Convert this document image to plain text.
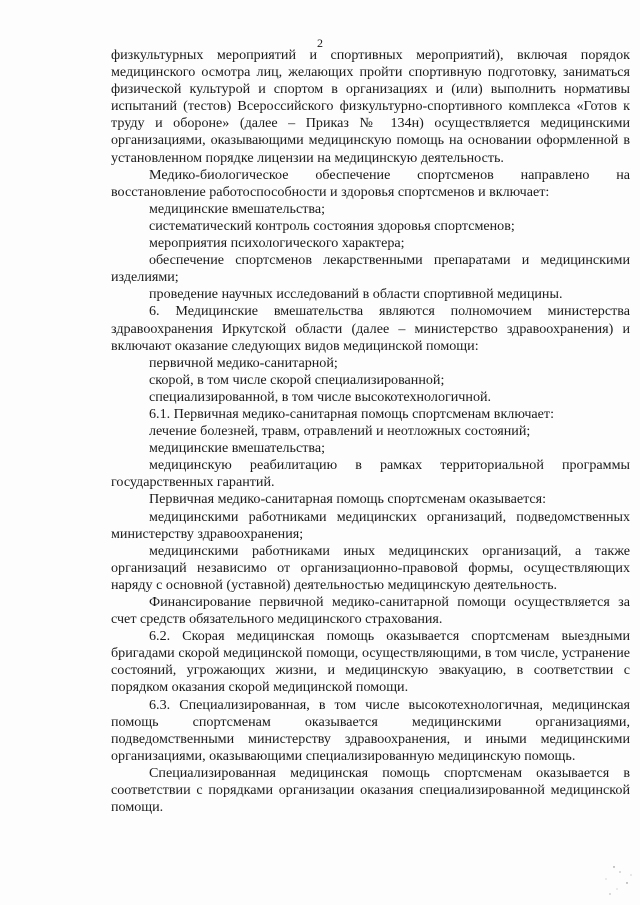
2

физкультурных мероприятий и спортивных мероприятий), включая порядок медицинского осмотра лиц, желающих пройти спортивную подготовку, заниматься физической культурой и спортом в организациях и (или) выполнить нормативы испытаний (тестов) Всероссийского физкультурно-спортивного комплекса «Готов к труду и обороне» (далее – Приказ № 134н) осуществляется медицинскими организациями, оказывающими медицинскую помощь на основании оформленной в установленном порядке лицензии на медицинскую деятельность.

Медико-биологическое обеспечение спортсменов направлено на восстановление работоспособности и здоровья спортсменов и включает:

медицинские вмешательства;

систематический контроль состояния здоровья спортсменов;

мероприятия психологического характера;

обеспечение спортсменов лекарственными препаратами и медицинскими изделиями;

проведение научных исследований в области спортивной медицины.

6. Медицинские вмешательства являются полномочием министерства здравоохранения Иркутской области (далее – министерство здравоохранения) и включают оказание следующих видов медицинской помощи:

первичной медико-санитарной;

скорой, в том числе скорой специализированной;

специализированной, в том числе высокотехнологичной.

6.1. Первичная медико-санитарная помощь спортсменам включает:

лечение болезней, травм, отравлений и неотложных состояний;

медицинские вмешательства;

медицинскую реабилитацию в рамках территориальной программы государственных гарантий.

Первичная медико-санитарная помощь спортсменам оказывается:

медицинскими работниками медицинских организаций, подведомственных министерству здравоохранения;

медицинскими работниками иных медицинских организаций, а также организаций независимо от организационно-правовой формы, осуществляющих наряду с основной (уставной) деятельностью медицинскую деятельность.

Финансирование первичной медико-санитарной помощи осуществляется за счет средств обязательного медицинского страхования.

6.2. Скорая медицинская помощь оказывается спортсменам выездными бригадами скорой медицинской помощи, осуществляющими, в том числе, устранение состояний, угрожающих жизни, и медицинскую эвакуацию, в соответствии с порядком оказания скорой медицинской помощи.

6.3. Специализированная, в том числе высокотехнологичная, медицинская помощь спортсменам оказывается медицинскими организациями, подведомственными министерству здравоохранения, и иными медицинскими организациями, оказывающими специализированную медицинскую помощь.

Специализированная медицинская помощь спортсменам оказывается в соответствии с порядками организации оказания специализированной медицинской помощи.
